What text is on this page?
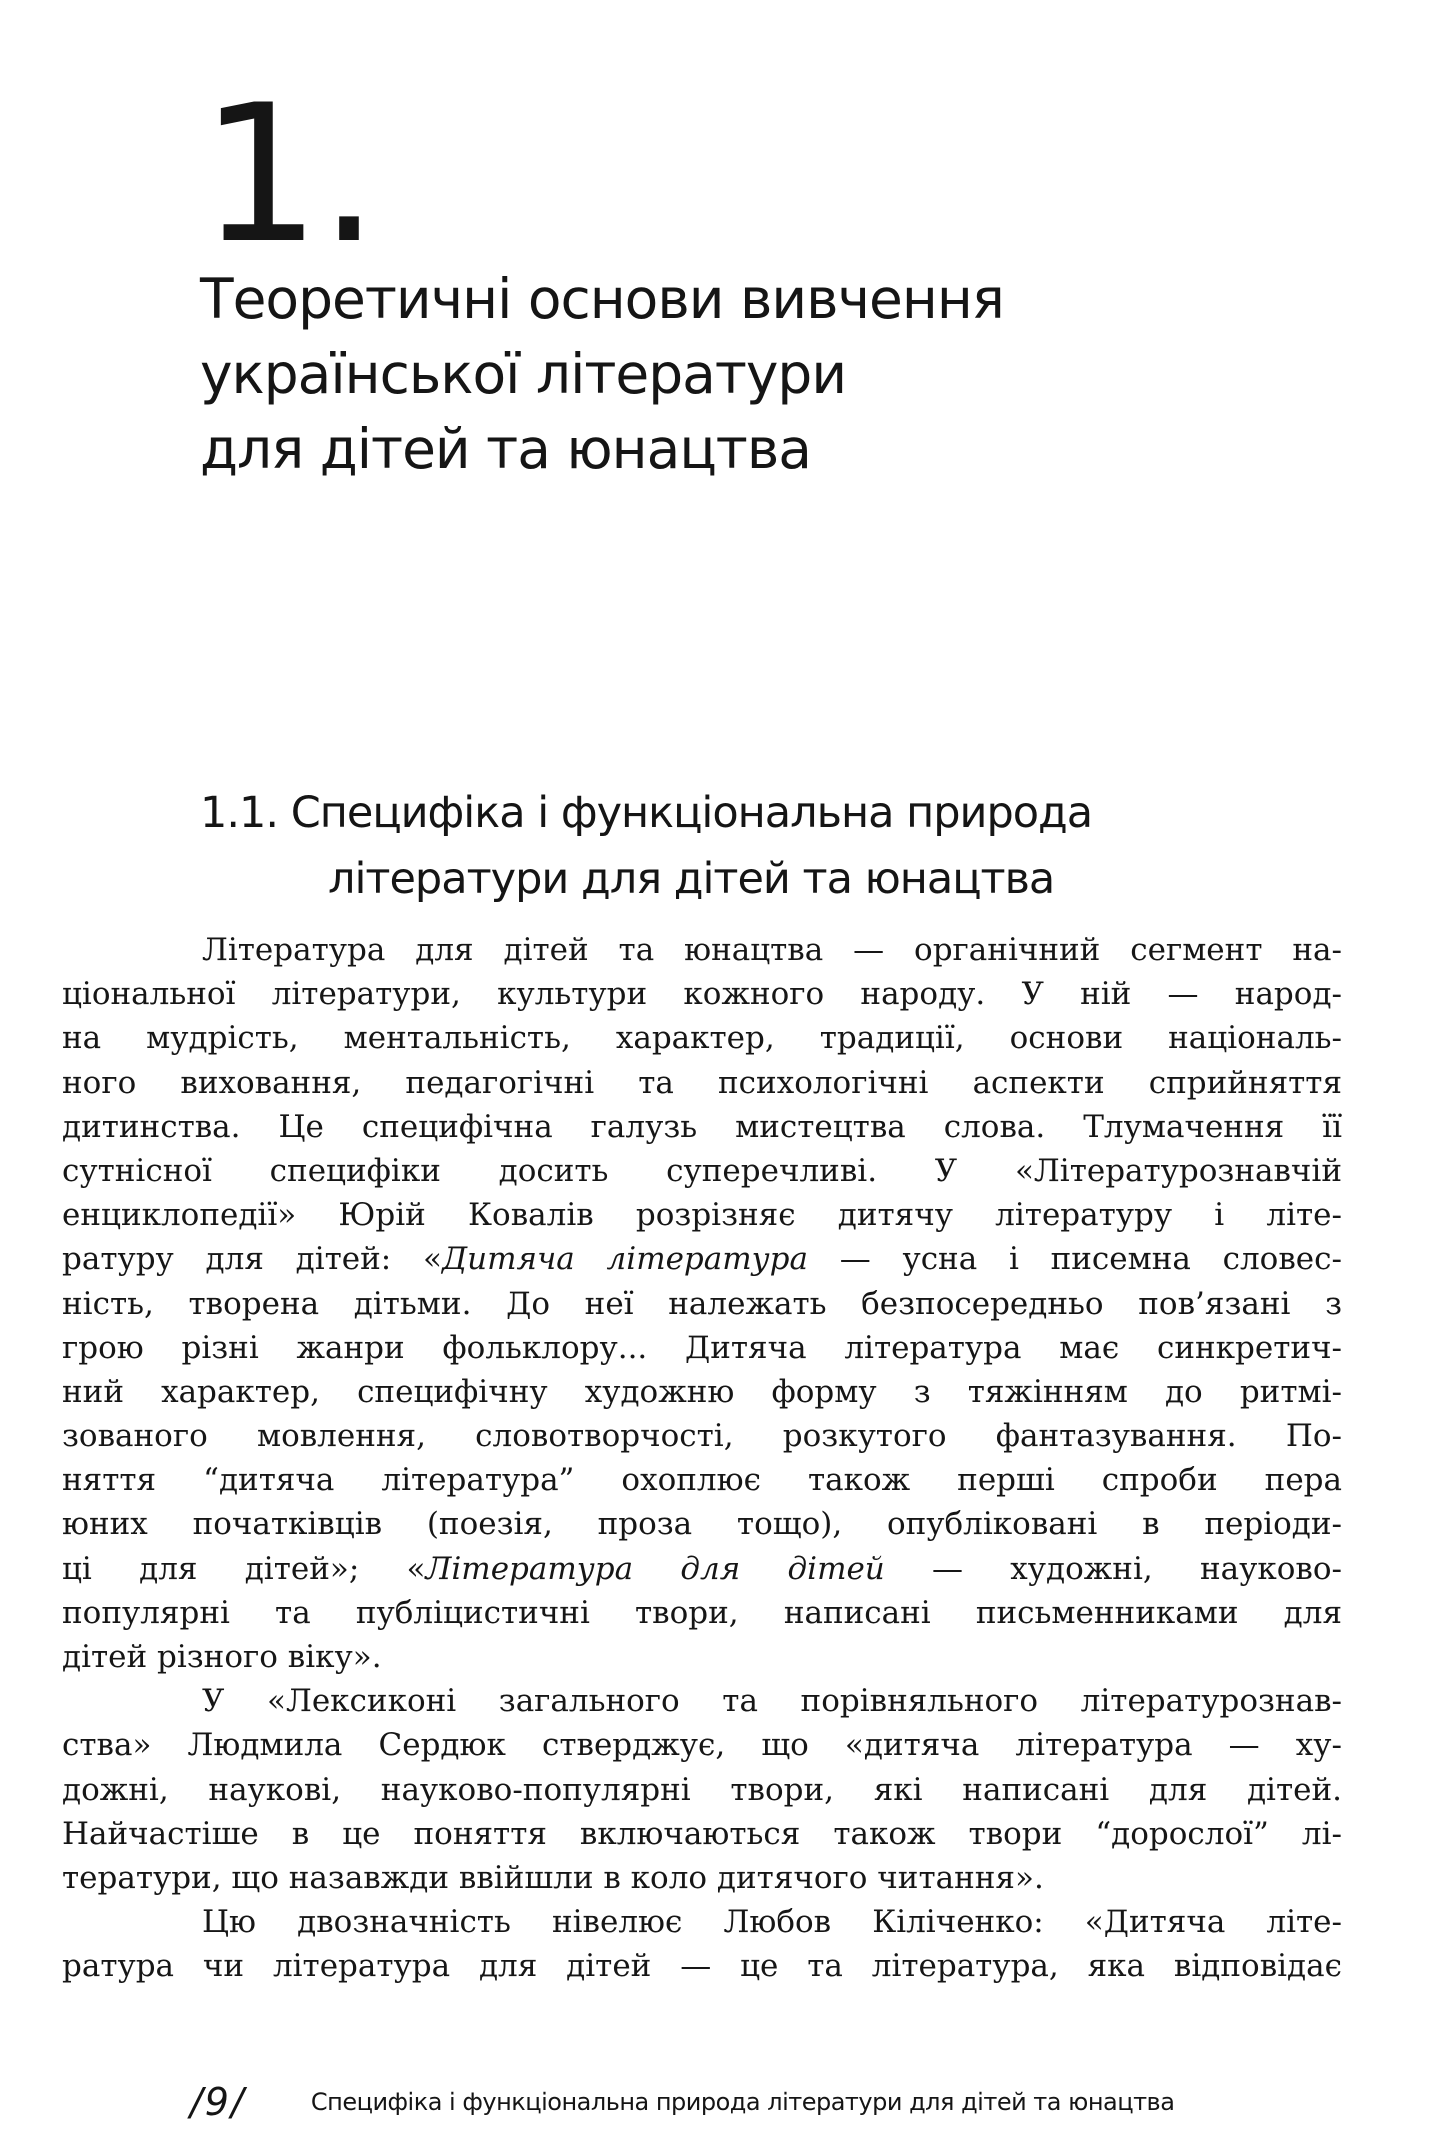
1.
Теоретичні основи вивчення
української літератури
для дітей та юнацтва
1.1. Специфіка і функціональна природа
літератури для дітей та юнацтва
Література для дітей та юнацтва — органічний сегмент на-
ціональної літератури, культури кожного народу. У ній — народ-
на мудрість, ментальність, характер, традиції, основи національ-
ного виховання, педагогічні та психологічні аспекти сприйняття
дитинства. Це специфічна галузь мистецтва слова. Тлумачення її
сутнісної специфіки досить суперечливі. У «Літературознавчій
енциклопедії» Юрій Ковалів розрізняє дитячу літературу і літе-
ратуру для дітей: «Дитяча література — усна і писемна словес-
ність, творена дітьми. До неї належать безпосередньо пов’язані з
грою різні жанри фольклору... Дитяча література має синкретич-
ний характер, специфічну художню форму з тяжінням до ритмі-
зованого мовлення, словотворчості, розкутого фантазування. По-
няття “дитяча література” охоплює також перші спроби пера
юних початківців (поезія, проза тощо), опубліковані в періоди-
ці для дітей»; «Література для дітей — художні, науково-
популярні та публіцистичні твори, написані письменниками для
дітей різного віку».
У «Лексиконі загального та порівняльного літературознав-
ства» Людмила Сердюк стверджує, що «дитяча література — ху-
дожні, наукові, науково-популярні твори, які написані для дітей.
Найчастіше в це поняття включаються також твори “дорослої” лі-
тератури, що назавжди ввійшли в коло дитячого читання».
Цю двозначність нівелює Любов Кіліченко: «Дитяча літе-
ратура чи література для дітей — це та література, яка відповідає
/9/	Специфіка і функціональна природа літератури для дітей та юнацтва
